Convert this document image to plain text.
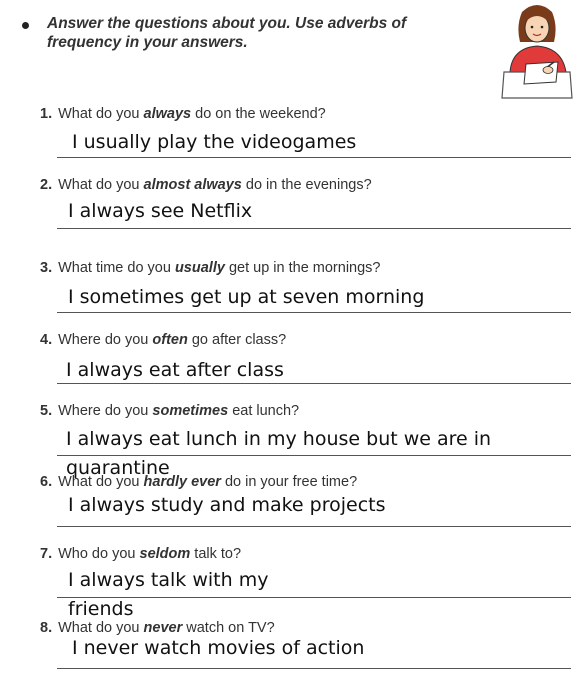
Answer the questions about you. Use adverbs of frequency in your answers.
1. What do you always do on the weekend?
I usually play the videogames
2. What do you almost always do in the evenings?
I always see Netflix
3. What time do you usually get up in the mornings?
I sometimes get up at seven morning
4. Where do you often go after class?
I always eat after class
5. Where do you sometimes eat lunch?
I always eat lunch in my house but we are in
quarantine
6. What do you hardly ever do in your free time?
I always study and make projects
7. Who do you seldom talk to?
I always talk with my
friends
8. What do you never watch on TV?
I never watch movies of action
